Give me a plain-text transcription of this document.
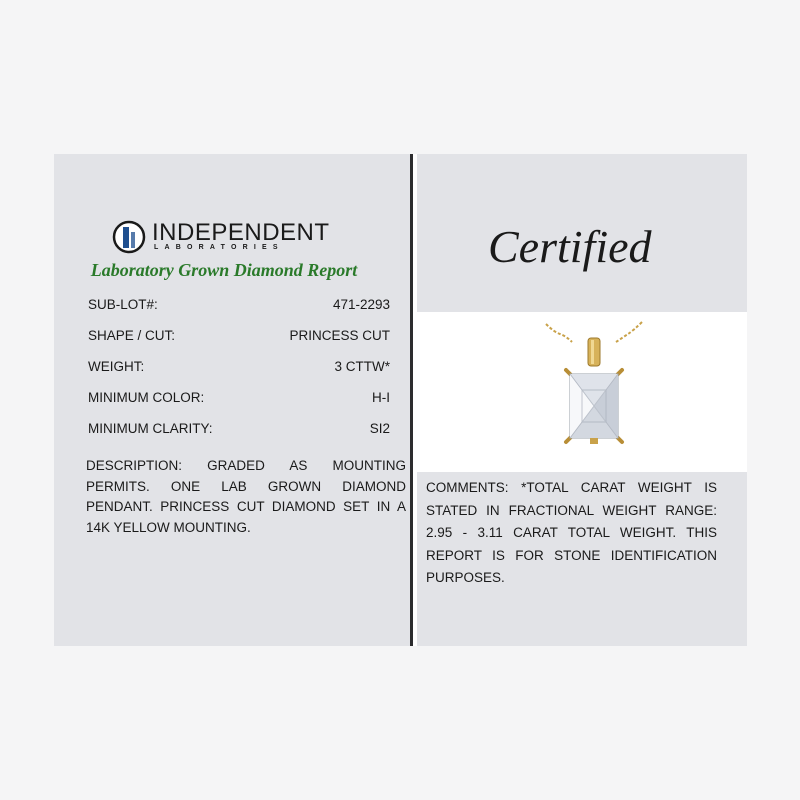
INDEPENDENT
LABORATORIES
Laboratory Grown Diamond Report
SUB-LOT#:	471-2293
SHAPE / CUT:	PRINCESS CUT
WEIGHT:	3 CTTW*
MINIMUM COLOR:	H-I
MINIMUM CLARITY:	SI2
DESCRIPTION: GRADED AS MOUNTING PERMITS. ONE LAB GROWN DIAMOND PENDANT. PRINCESS CUT DIAMOND SET IN A 14K YELLOW MOUNTING.
Certified
COMMENTS: *TOTAL CARAT WEIGHT IS STATED IN FRACTIONAL WEIGHT RANGE: 2.95 - 3.11 CARAT TOTAL WEIGHT. THIS REPORT IS FOR STONE IDENTIFICATION PURPOSES.
